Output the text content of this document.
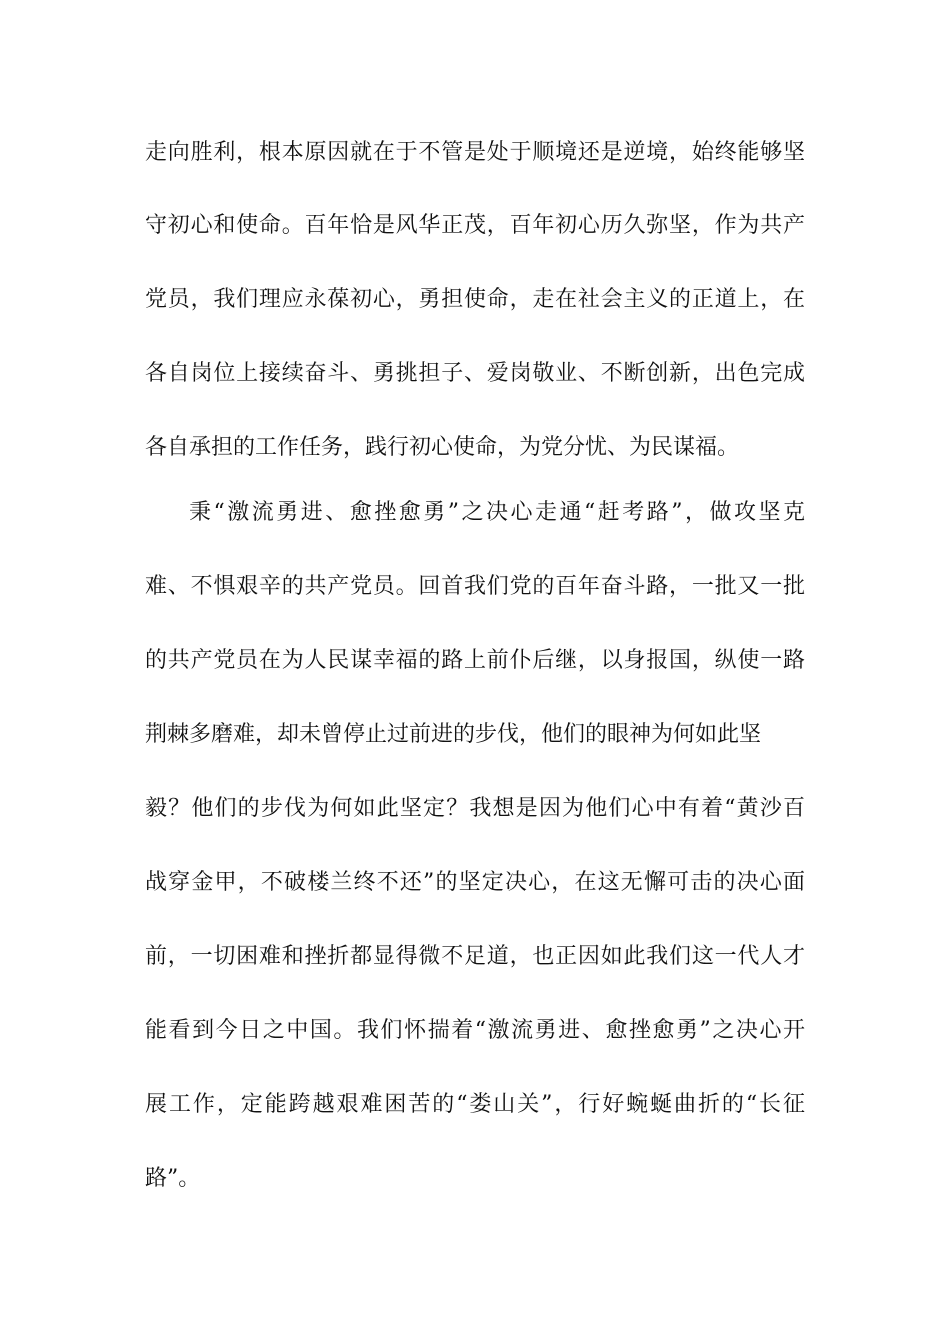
走向胜利，根本原因就在于不管是处于顺境还是逆境，始终能够坚
守初心和使命。百年恰是风华正茂，百年初心历久弥坚，作为共产
党员，我们理应永葆初心，勇担使命，走在社会主义的正道上，在
各自岗位上接续奋斗、勇挑担子、爱岗敬业、不断创新，出色完成
各自承担的工作任务，践行初心使命，为党分忧、为民谋福。
秉“激流勇进、愈挫愈勇”之决心走通“赶考路”，做攻坚克
难、不惧艰辛的共产党员。回首我们党的百年奋斗路，一批又一批
的共产党员在为人民谋幸福的路上前仆后继，以身报国，纵使一路
荆棘多磨难，却未曾停止过前进的步伐，他们的眼神为何如此坚
毅？他们的步伐为何如此坚定？我想是因为他们心中有着“黄沙百
战穿金甲，不破楼兰终不还”的坚定决心，在这无懈可击的决心面
前，一切困难和挫折都显得微不足道，也正因如此我们这一代人才
能看到今日之中国。我们怀揣着“激流勇进、愈挫愈勇”之决心开
展工作，定能跨越艰难困苦的“娄山关”，行好蜿蜒曲折的“长征
路”。
